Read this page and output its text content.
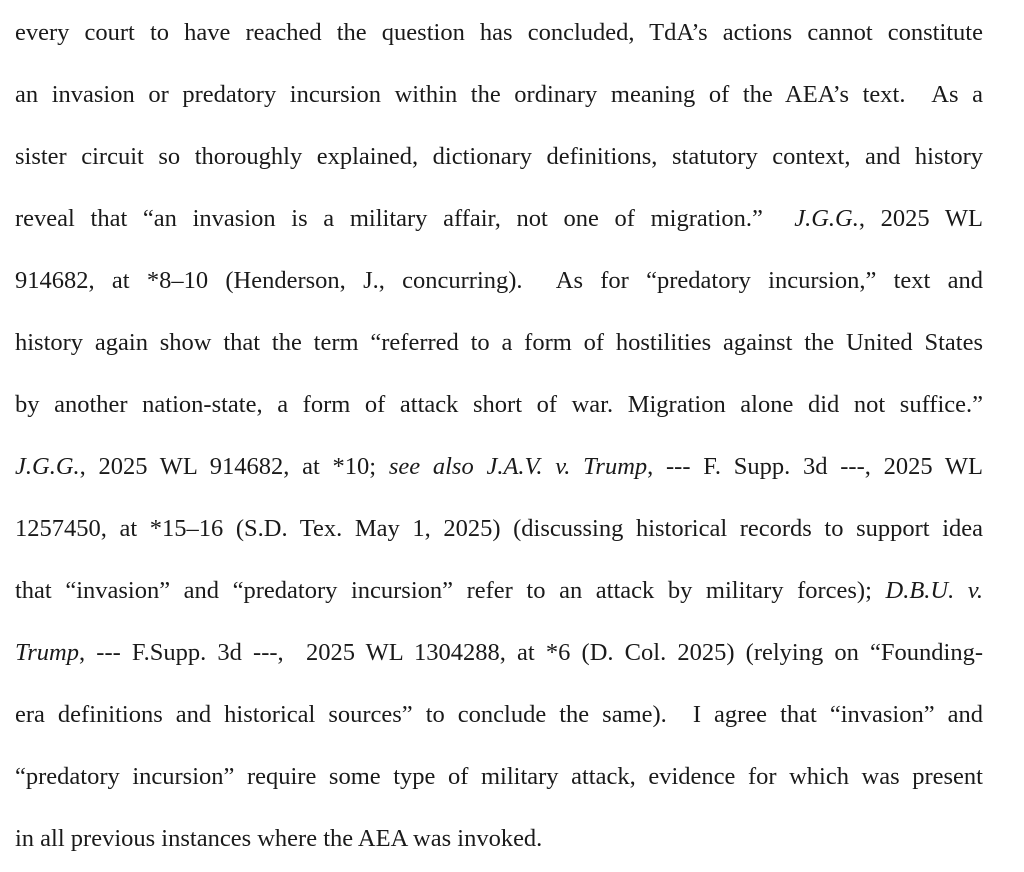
every court to have reached the question has concluded, TdA’s actions cannot constitute
an invasion or predatory incursion within the ordinary meaning of the AEA’s text.  As a
sister circuit so thoroughly explained, dictionary definitions, statutory context, and history
reveal that “an invasion is a military affair, not one of migration.”  J.G.G., 2025 WL
914682, at *8–10 (Henderson, J., concurring).  As for “predatory incursion,” text and
history again show that the term “referred to a form of hostilities against the United States
by another nation-state, a form of attack short of war. Migration alone did not suffice.”
J.G.G., 2025 WL 914682, at *10; see also J.A.V. v. Trump, --- F. Supp. 3d ---, 2025 WL
1257450, at *15–16 (S.D. Tex. May 1, 2025) (discussing historical records to support idea
that “invasion” and “predatory incursion” refer to an attack by military forces); D.B.U. v.
Trump, --- F.Supp. 3d ---,  2025 WL 1304288, at *6 (D. Col. 2025) (relying on “Founding-
era definitions and historical sources” to conclude the same).  I agree that “invasion” and
“predatory incursion” require some type of military attack, evidence for which was present
in all previous instances where the AEA was invoked.
